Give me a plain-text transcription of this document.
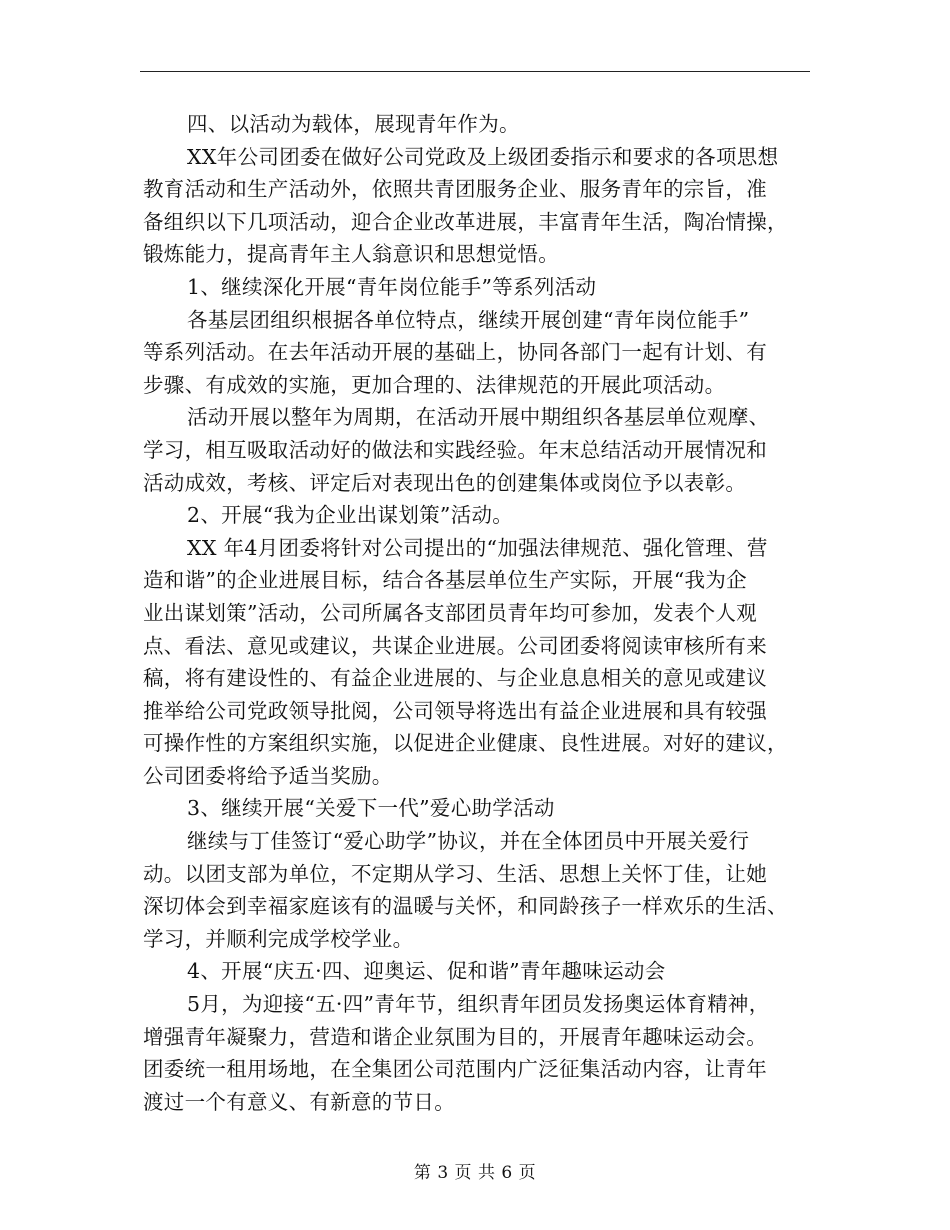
四、以活动为载体，展现青年作为。
XX年公司团委在做好公司党政及上级团委指示和要求的各项思想
教育活动和生产活动外，依照共青团服务企业、服务青年的宗旨，准
备组织以下几项活动，迎合企业改革进展，丰富青年生活，陶冶情操，
锻炼能力，提高青年主人翁意识和思想觉悟。
1、继续深化开展“青年岗位能手”等系列活动
各基层团组织根据各单位特点，继续开展创建“青年岗位能手”
等系列活动。在去年活动开展的基础上，协同各部门一起有计划、有
步骤、有成效的实施，更加合理的、法律规范的开展此项活动。
活动开展以整年为周期，在活动开展中期组织各基层单位观摩、
学习，相互吸取活动好的做法和实践经验。年末总结活动开展情况和
活动成效，考核、评定后对表现出色的创建集体或岗位予以表彰。
2、开展“我为企业出谋划策”活动。
XX 年4月团委将针对公司提出的“加强法律规范、强化管理、营
造和谐”的企业进展目标，结合各基层单位生产实际，开展“我为企
业出谋划策”活动，公司所属各支部团员青年均可参加，发表个人观
点、看法、意见或建议，共谋企业进展。公司团委将阅读审核所有来
稿，将有建设性的、有益企业进展的、与企业息息相关的意见或建议
推举给公司党政领导批阅，公司领导将选出有益企业进展和具有较强
可操作性的方案组织实施，以促进企业健康、良性进展。对好的建议，
公司团委将给予适当奖励。
3、继续开展“关爱下一代”爱心助学活动
继续与丁佳签订“爱心助学”协议，并在全体团员中开展关爱行
动。以团支部为单位，不定期从学习、生活、思想上关怀丁佳，让她
深切体会到幸福家庭该有的温暖与关怀，和同龄孩子一样欢乐的生活、
学习，并顺利完成学校学业。
4、开展“庆五·四、迎奥运、促和谐”青年趣味运动会
5月，为迎接“五·四”青年节，组织青年团员发扬奥运体育精神，
增强青年凝聚力，营造和谐企业氛围为目的，开展青年趣味运动会。
团委统一租用场地，在全集团公司范围内广泛征集活动内容，让青年
渡过一个有意义、有新意的节日。
第 3 页 共 6 页
